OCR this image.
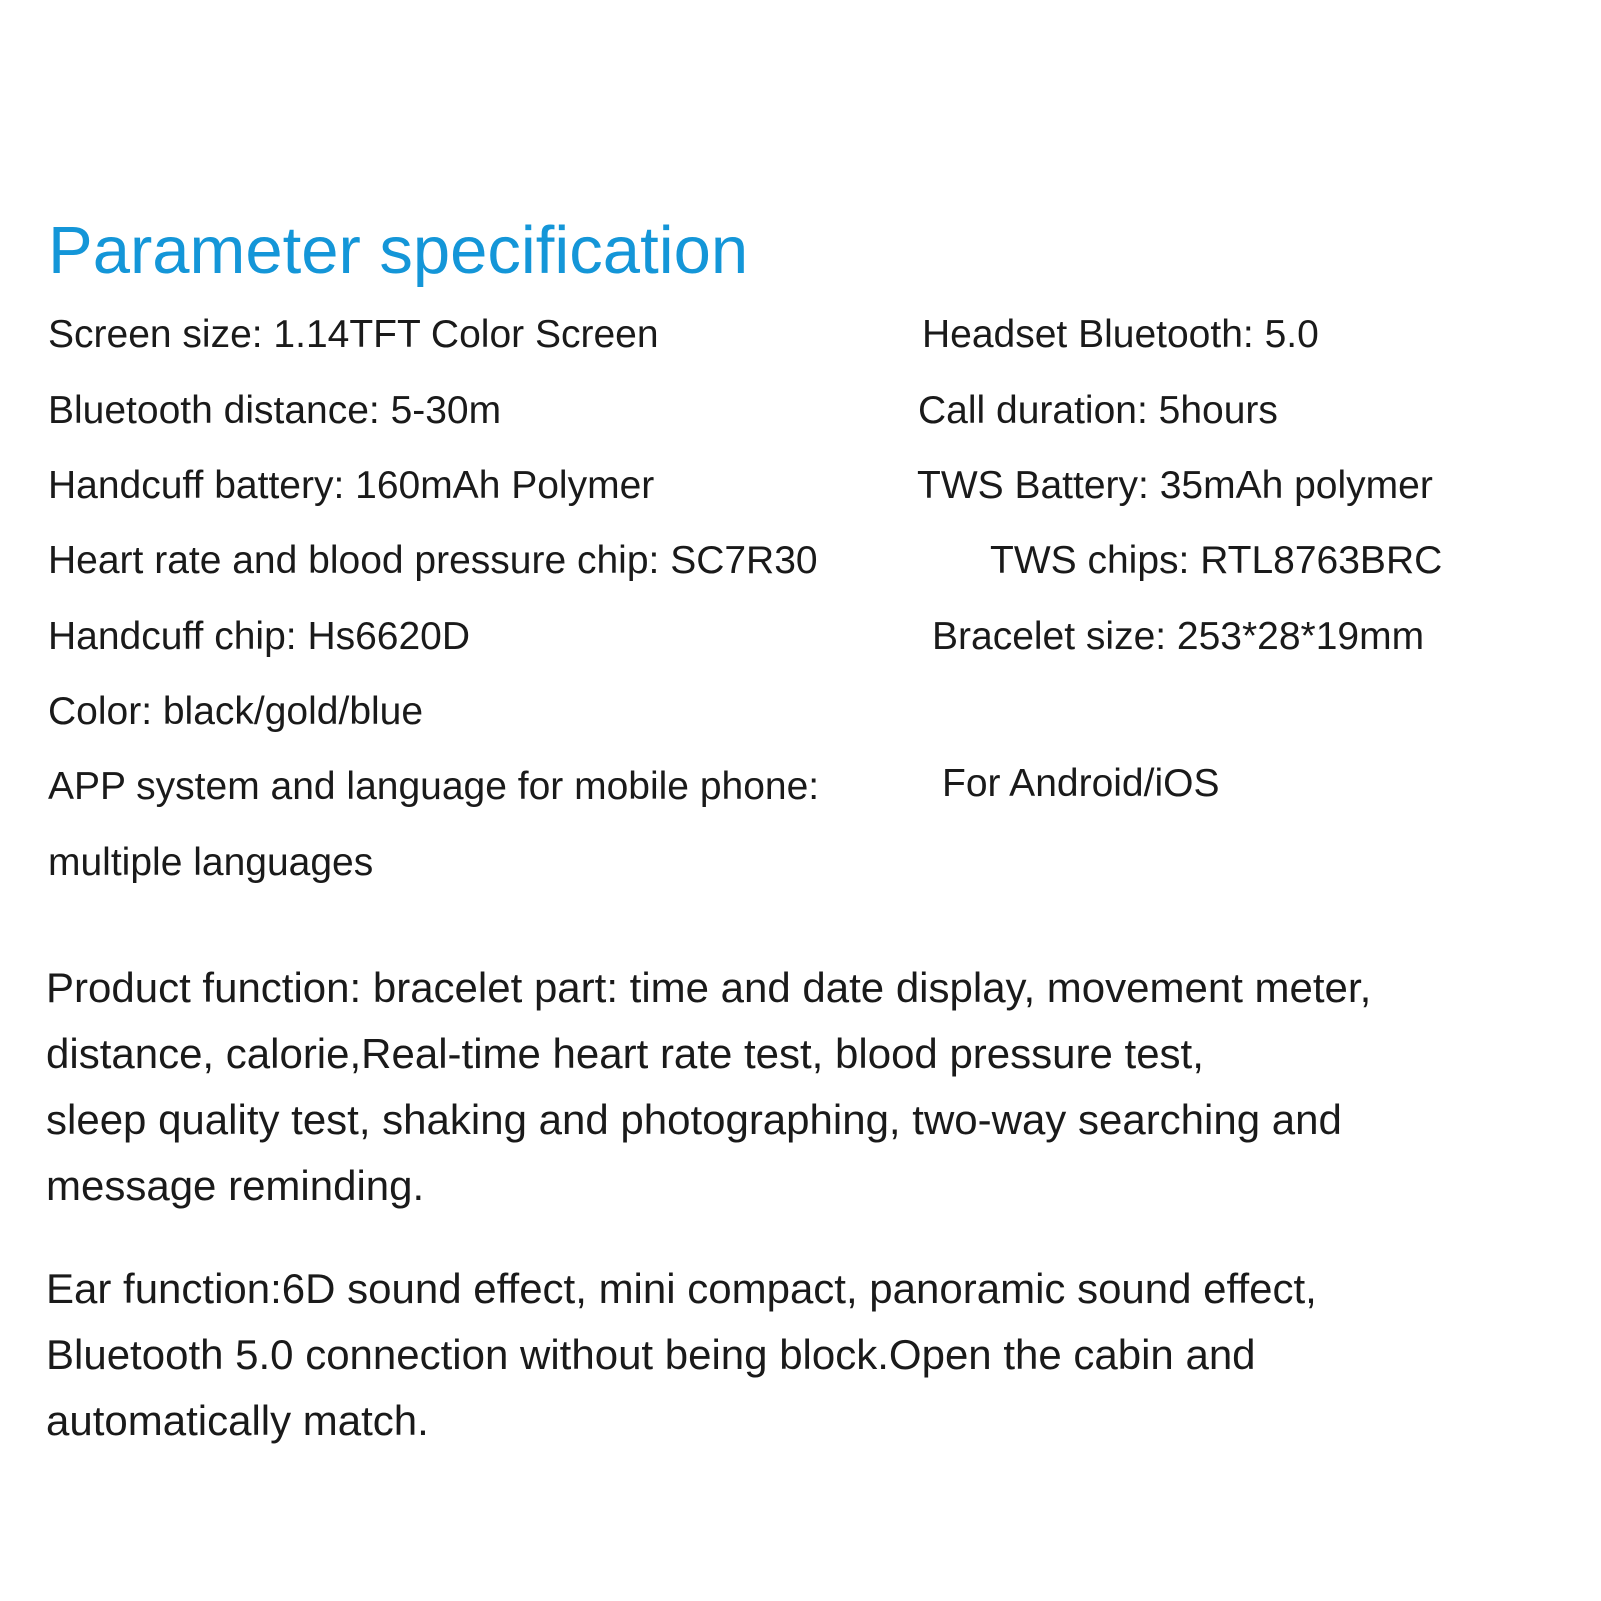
Parameter specification
Screen size: 1.14TFT Color Screen	Headset Bluetooth: 5.0
Bluetooth distance: 5-30m	Call duration: 5hours
Handcuff battery: 160mAh Polymer	TWS Battery: 35mAh polymer
Heart rate and blood pressure chip: SC7R30	TWS chips: RTL8763BRC
Handcuff chip: Hs6620D	Bracelet size: 253*28*19mm
Color: black/gold/blue
APP system and language for mobile phone:	For Android/iOS
multiple languages
Product function: bracelet part: time and date display, movement meter,
distance, calorie,Real-time heart rate test, blood pressure test,
sleep quality test, shaking and photographing, two-way searching and
message reminding.
Ear function:6D sound effect, mini compact, panoramic sound effect,
Bluetooth 5.0 connection without being block.Open the cabin and
automatically match.
